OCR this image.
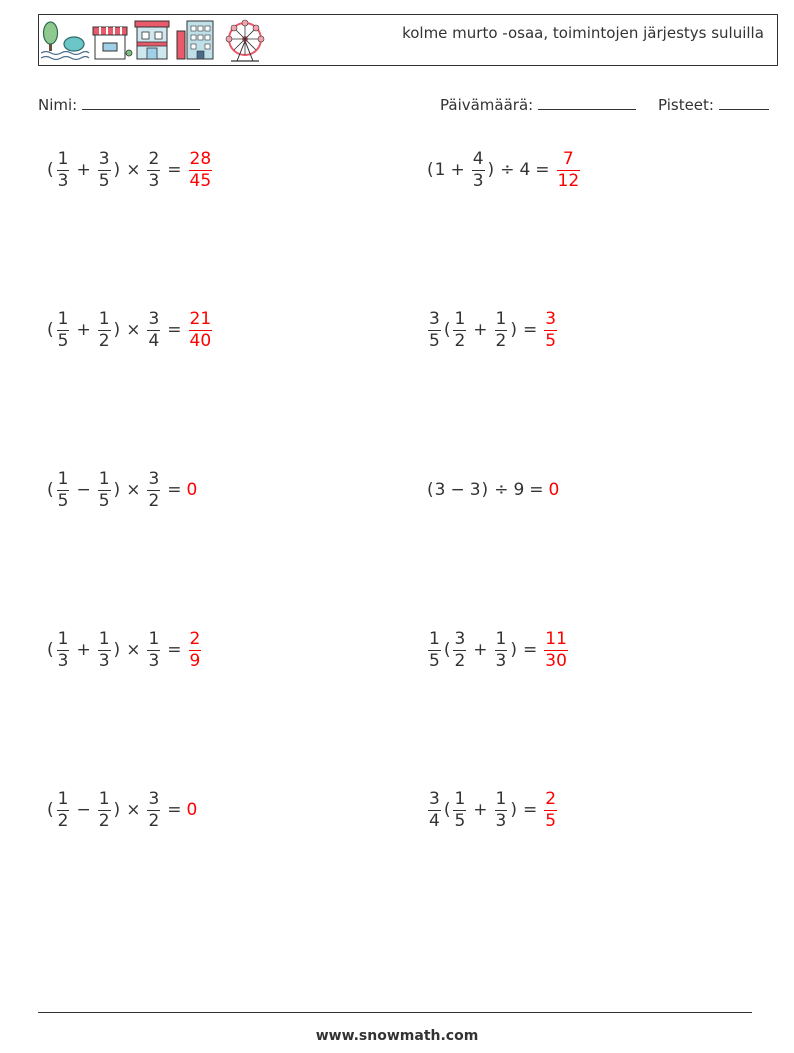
kolme murto -osaa, toimintojen järjestys suluilla
Nimi:	Päivämäärä:	Pisteet:
( $\frac{1}{3} + \frac{3}{5}$ ) × $\frac{2}{3} = \frac{28}{45}$	( $1 + \frac{4}{3}$ ) ÷ $4 = \frac{7}{12}$
( $\frac{1}{5} + \frac{1}{2}$ ) × $\frac{3}{4} = \frac{21}{40}$	$\frac{3}{5}$ ( $\frac{1}{2} + \frac{1}{2}$ ) = $\frac{3}{5}$
( $\frac{1}{5} - \frac{1}{5}$ ) × $\frac{3}{2} = 0$	( 3 − 3 ) ÷ 9 = 0
( $\frac{1}{3} + \frac{1}{3}$ ) × $\frac{1}{3} = \frac{2}{9}$	$\frac{1}{5}$ ( $\frac{3}{2} + \frac{1}{3}$ ) = $\frac{11}{30}$
( $\frac{1}{2} - \frac{1}{2}$ ) × $\frac{3}{2} = 0$	$\frac{3}{4}$ ( $\frac{1}{5} + \frac{1}{3}$ ) = $\frac{2}{5}$
www.snowmath.com
